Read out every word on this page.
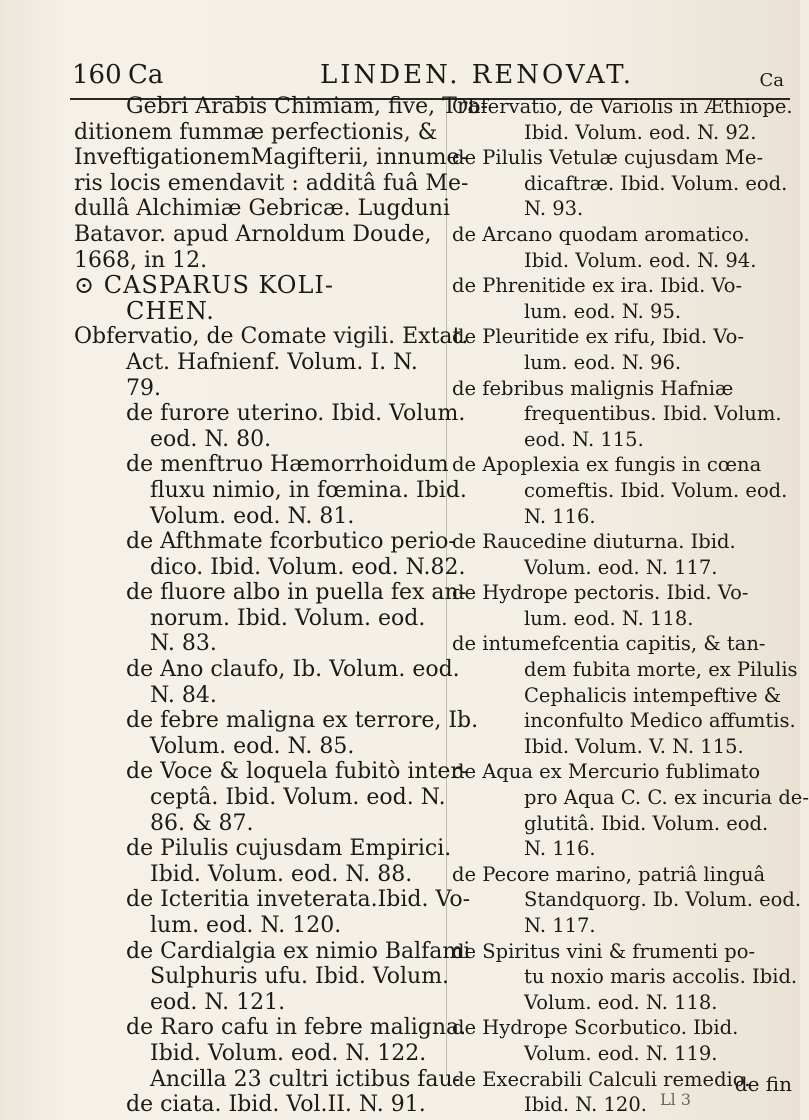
160 Ca	LINDEN. RENOVAT.	Ca
Gebri Arabis Chimiam, five, Tra-
ditionem fummæ perfectionis, &
InveftigationemMagifterii, innume-
ris locis emendavit : additâ fuâ Me-
dullâ Alchimiæ Gebricæ. Lugduni
Batavor. apud Arnoldum Doude,
1668, in 12.
⊙ CASPARUS KOLI-
CHEN.
Obfervatio, de Comate vigili. Extat.
Act. Hafnienf. Volum. I. N.
79.
de furore uterino. Ibid. Volum.
eod. N. 80.
de menftruo Hæmorrhoidum
fluxu nimio, in fœmina. Ibid.
Volum. eod. N. 81.
de Afthmate fcorbutico perio-
dico. Ibid. Volum. eod. N.82.
de fluore albo in puella fex an-
norum. Ibid. Volum. eod.
N. 83.
de Ano claufo, Ib. Volum. eod.
N. 84.
de febre maligna ex terrore, Ib.
Volum. eod. N. 85.
de Voce & loquela fubitò inter-
ceptâ. Ibid. Volum. eod. N.
86. & 87.
de Pilulis cujusdam Empirici.
Ibid. Volum. eod. N. 88.
de Icteritia inveterata.Ibid. Vo-
lum. eod. N. 120.
de Cardialgia ex nimio Balfami
Sulphuris ufu. Ibid. Volum.
eod. N. 121.
de Raro cafu in febre maligna.
Ibid. Volum. eod. N. 122.
Ancilla 23 cultri ictibus fau-
de ciata. Ibid. Vol.II. N. 91.
Obfervatio, de Variolis in Æthiope.
Ibid. Volum. eod. N. 92.
de Pilulis Vetulæ cujusdam Me-
dicaftræ. Ibid. Volum. eod.
N. 93.
de Arcano quodam aromatico.
Ibid. Volum. eod. N. 94.
de Phrenitide ex ira. Ibid. Vo-
lum. eod. N. 95.
de Pleuritide ex rifu, Ibid. Vo-
lum. eod. N. 96.
de febribus malignis Hafniæ
frequentibus. Ibid. Volum.
eod. N. 115.
de Apoplexia ex fungis in cœna
comeftis. Ibid. Volum. eod.
N. 116.
de Raucedine diuturna. Ibid.
Volum. eod. N. 117.
de Hydrope pectoris. Ibid. Vo-
lum. eod. N. 118.
de intumefcentia capitis, & tan-
dem fubita morte, ex Pilulis
Cephalicis intempeftive &
inconfulto Medico affumtis.
Ibid. Volum. V. N. 115.
de Aqua ex Mercurio fublimato
pro Aqua C. C. ex incuria de-
glutitâ. Ibid. Volum. eod.
N. 116.
de Pecore marino, patriâ linguâ
Standquorg. Ib. Volum. eod.
N. 117.
de Spiritus vini & frumenti po-
tu noxio maris accolis. Ibid.
Volum. eod. N. 118.
de Hydrope Scorbutico. Ibid.
Volum. eod. N. 119.
de Execrabili Calculi remedio.
Ibid. N. 120.
de fin
Ll 3
